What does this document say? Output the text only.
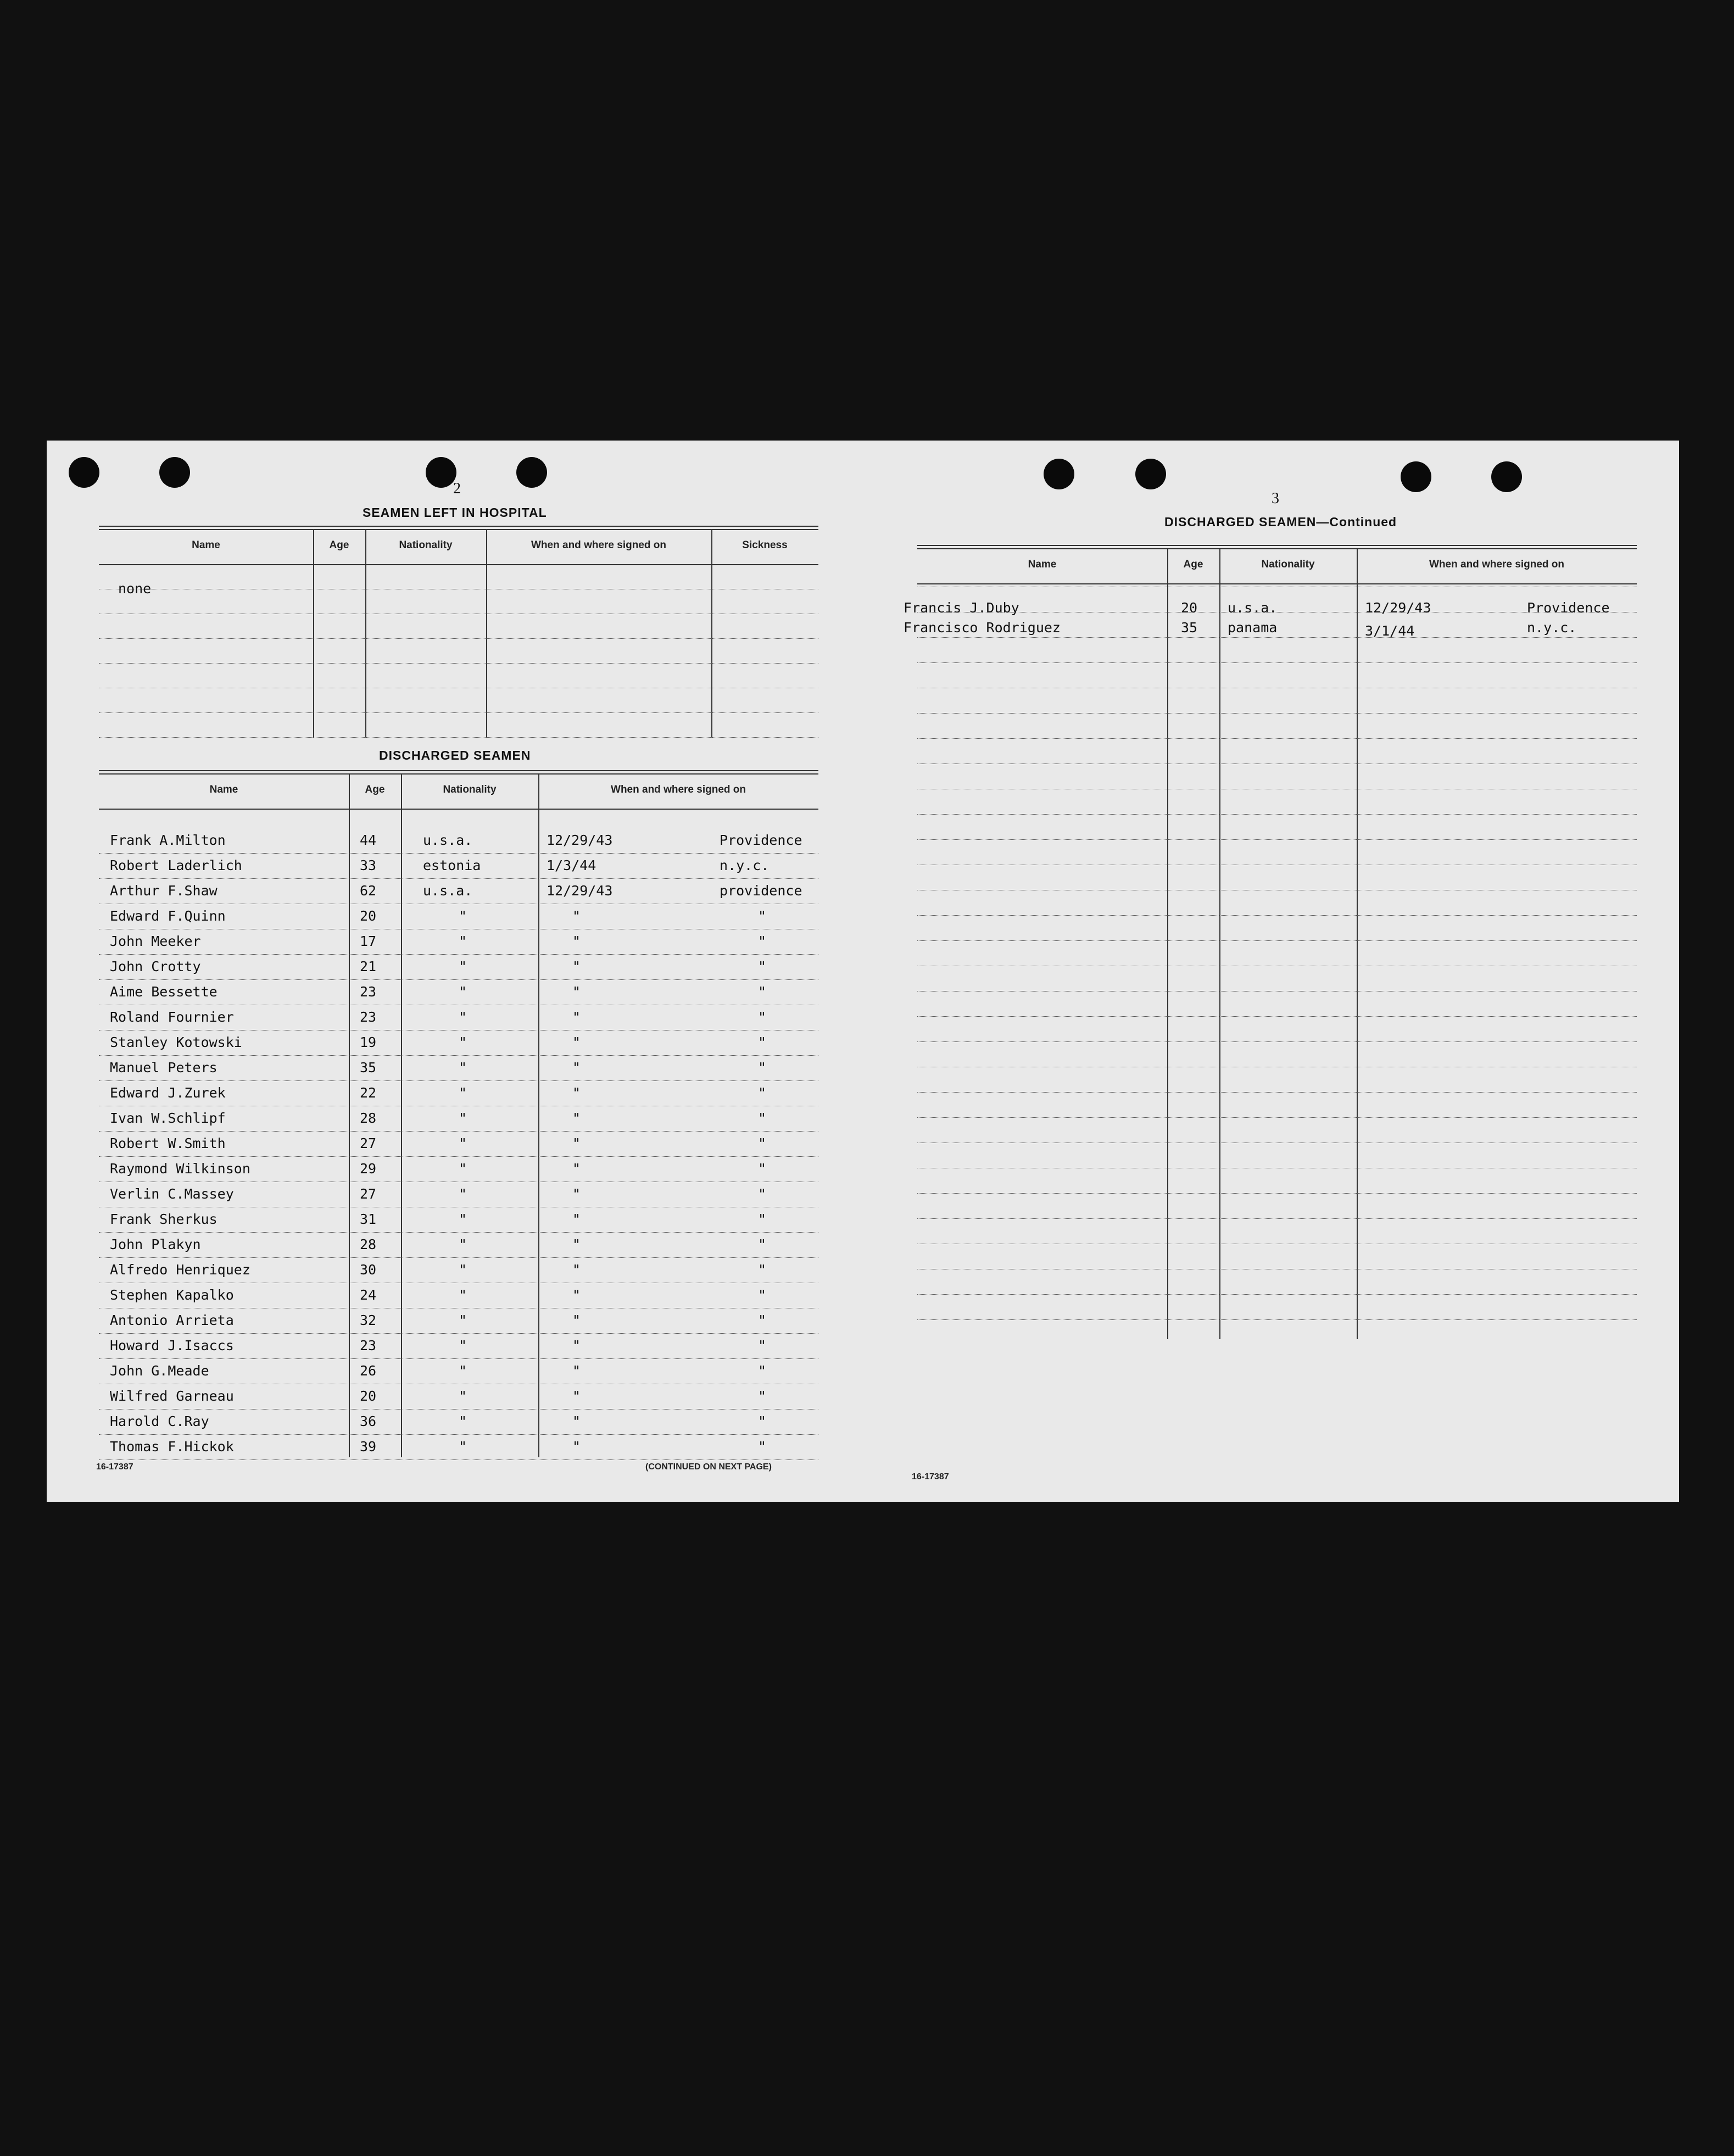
2
SEAMEN LEFT IN HOSPITAL
Name	Age	Nationality	When and where signed on	Sickness
none
DISCHARGED SEAMEN
Name	Age	Nationality	When and where signed on
Frank A.Milton	44	u.s.a.	12/29/43	Providence
Robert Laderlich	33	estonia	1/3/44	n.y.c.
Arthur F.Shaw	62	u.s.a.	12/29/43	providence
Edward F.Quinn	20	"	"	"
John Meeker	17	"	"	"
John Crotty	21	"	"	"
Aime Bessette	23	"	"	"
Roland Fournier	23	"	"	"
Stanley Kotowski	19	"	"	"
Manuel Peters	35	"	"	"
Edward J.Zurek	22	"	"	"
Ivan W.Schlipf	28	"	"	"
Robert W.Smith	27	"	"	"
Raymond Wilkinson	29	"	"	"
Verlin C.Massey	27	"	"	"
Frank Sherkus	31	"	"	"
John Plakyn	28	"	"	"
Alfredo Henriquez	30	"	"	"
Stephen Kapalko	24	"	"	"
Antonio Arrieta	32	"	"	"
Howard J.Isaccs	23	"	"	"
John G.Meade	26	"	"	"
Wilfred Garneau	20	"	"	"
Harold C.Ray	36	"	"	"
Thomas F.Hickok	39	"	"	"
16-17387	(CONTINUED ON NEXT PAGE)
3
DISCHARGED SEAMEN—Continued
Name	Age	Nationality	When and where signed on
Francis J.Duby	20 u.s.a.	12/29/43	Providence
Francisco Rodriguez	35 panama	3/1/44	n.y.c.
16-17387
